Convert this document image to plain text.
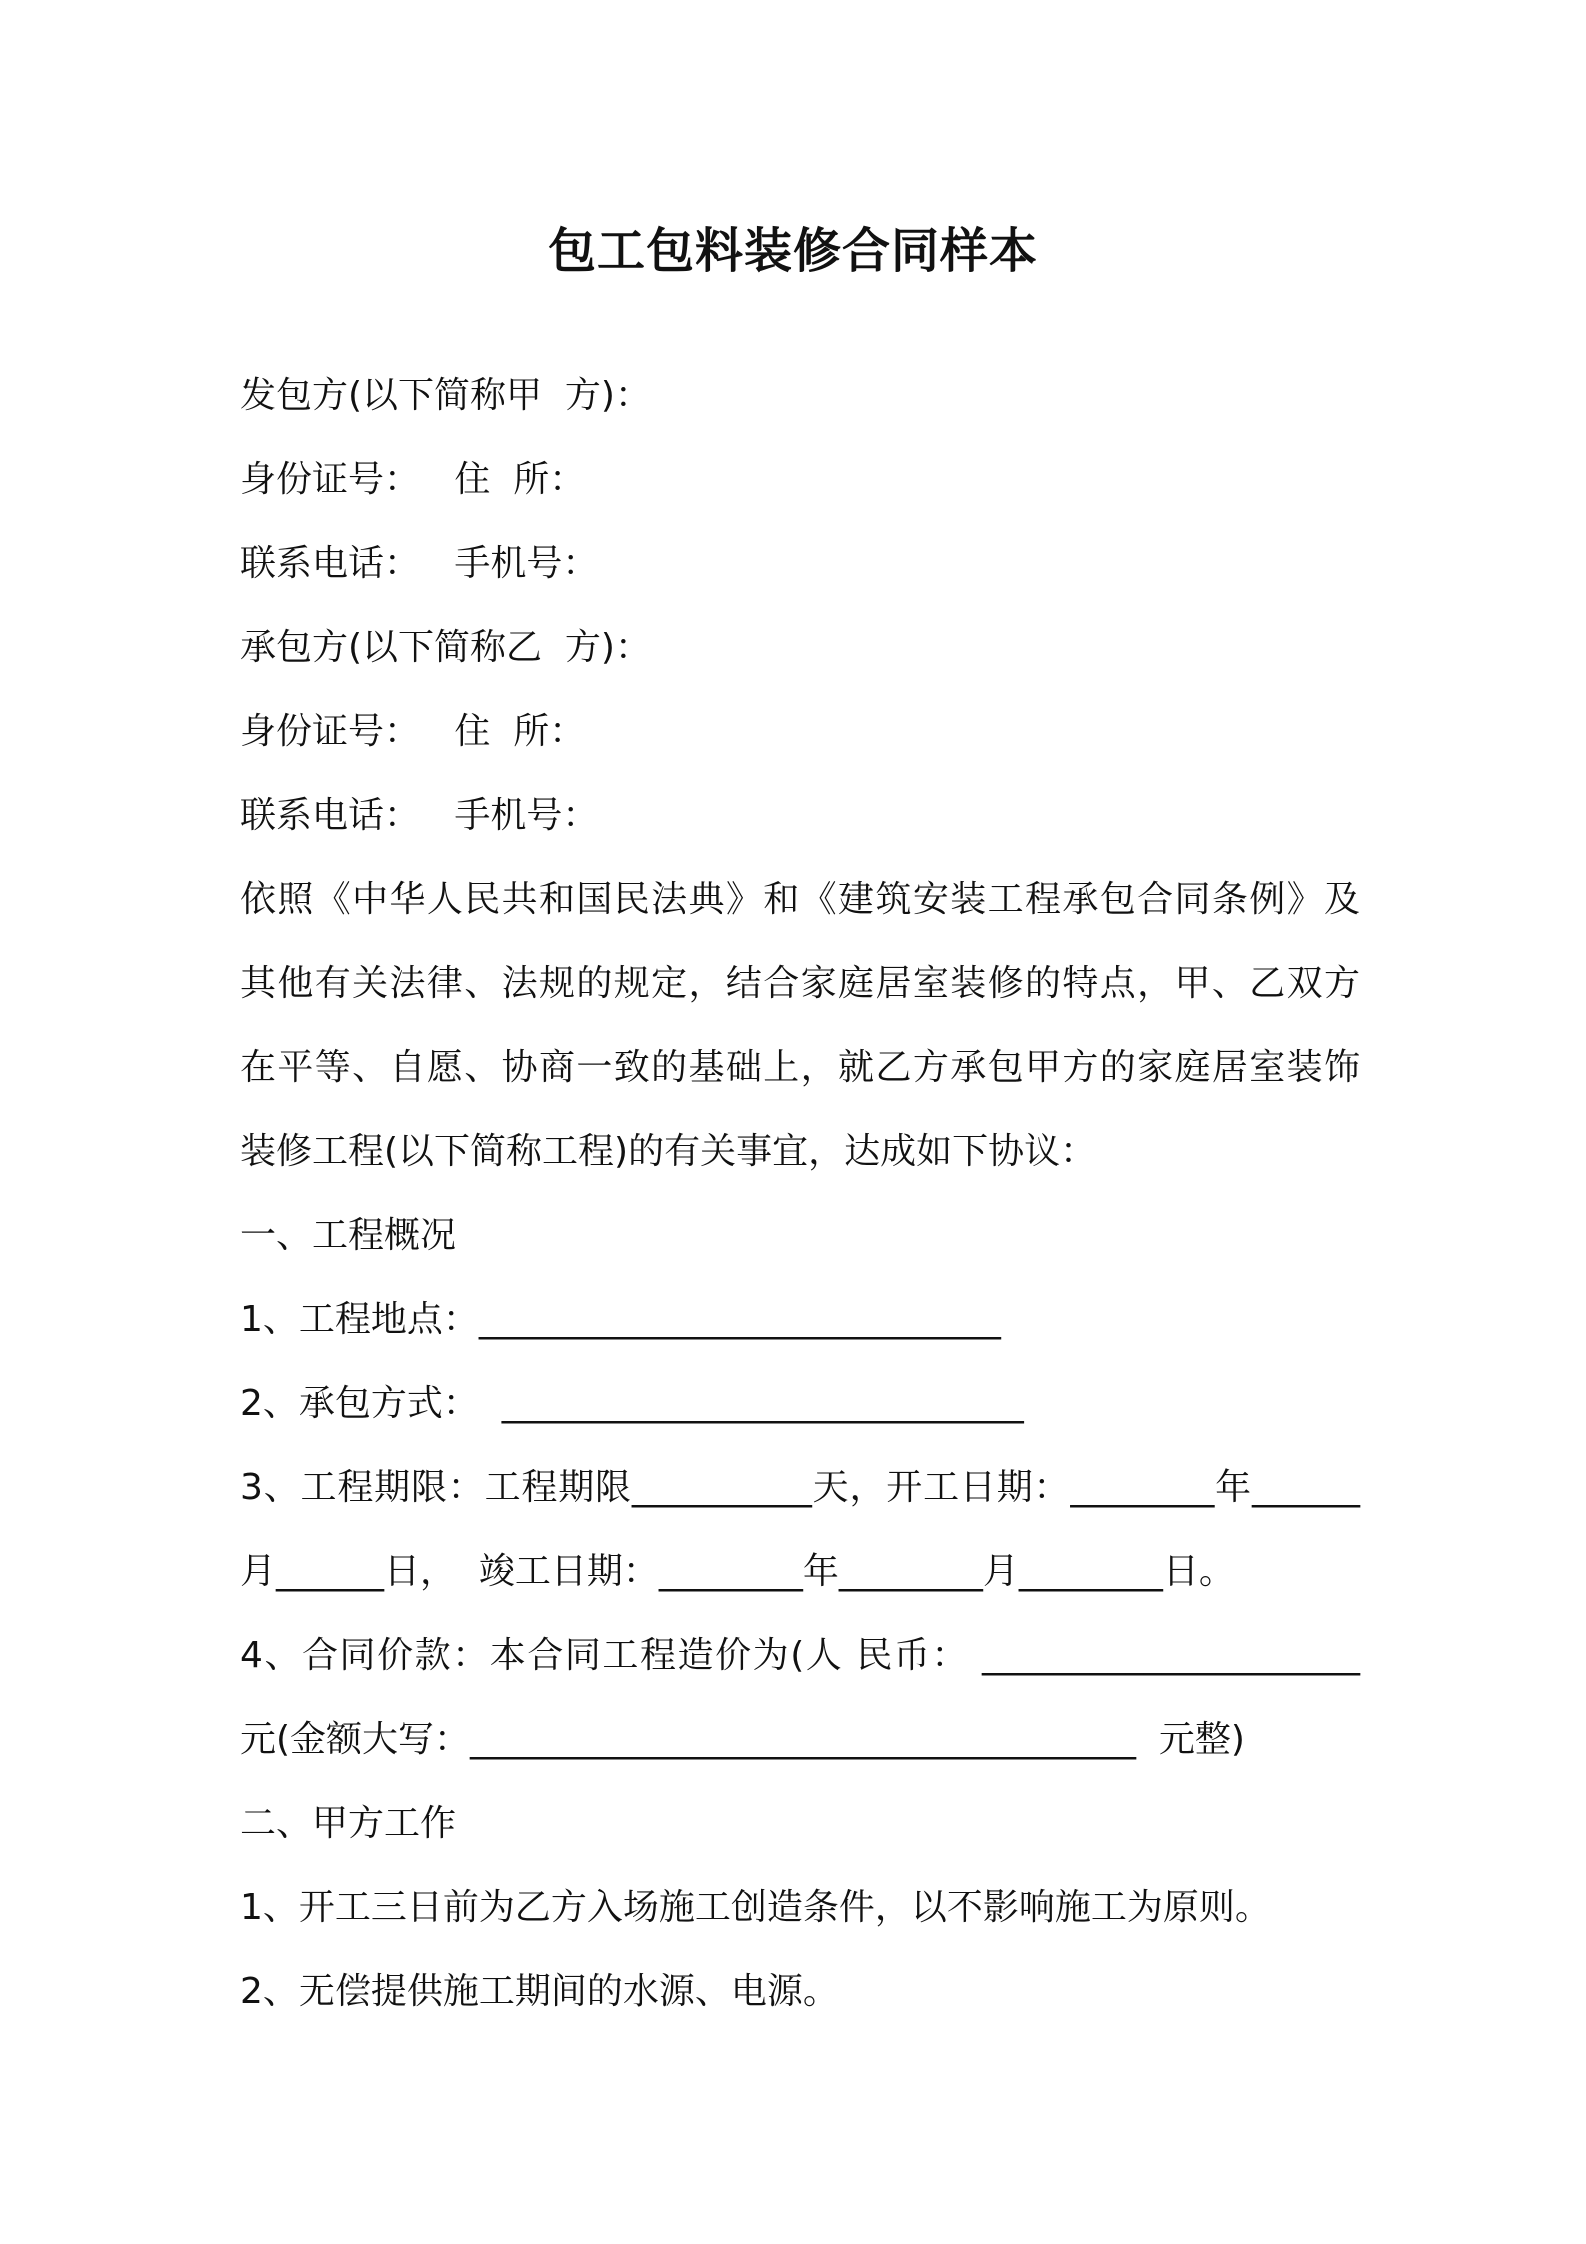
包工包料装修合同样本
发包方(以下简称甲  方)：
身份证号：   住  所：
联系电话：   手机号：
承包方(以下简称乙  方)：
身份证号：   住  所：
联系电话：   手机号：
依照《中华人民共和国民法典》和《建筑安装工程承包合同条例》及
其他有关法律、法规的规定，结合家庭居室装修的特点，甲、乙双方
在平等、自愿、协商一致的基础上，就乙方承包甲方的家庭居室装饰
装修工程(以下简称工程)的有关事宜，达成如下协议：
一、工程概况
1、工程地点：_____________________________
2、承包方式：  _____________________________
3、工程期限：工程期限__________天，开工日期：________年______
月______日，  竣工日期：________年________月________日。
4、合同价款：本合同工程造价为(人 民币： _____________________
元(金额大写：_____________________________________  元整)
二、甲方工作
1、开工三日前为乙方入场施工创造条件，以不影响施工为原则。
2、无偿提供施工期间的水源、电源。
